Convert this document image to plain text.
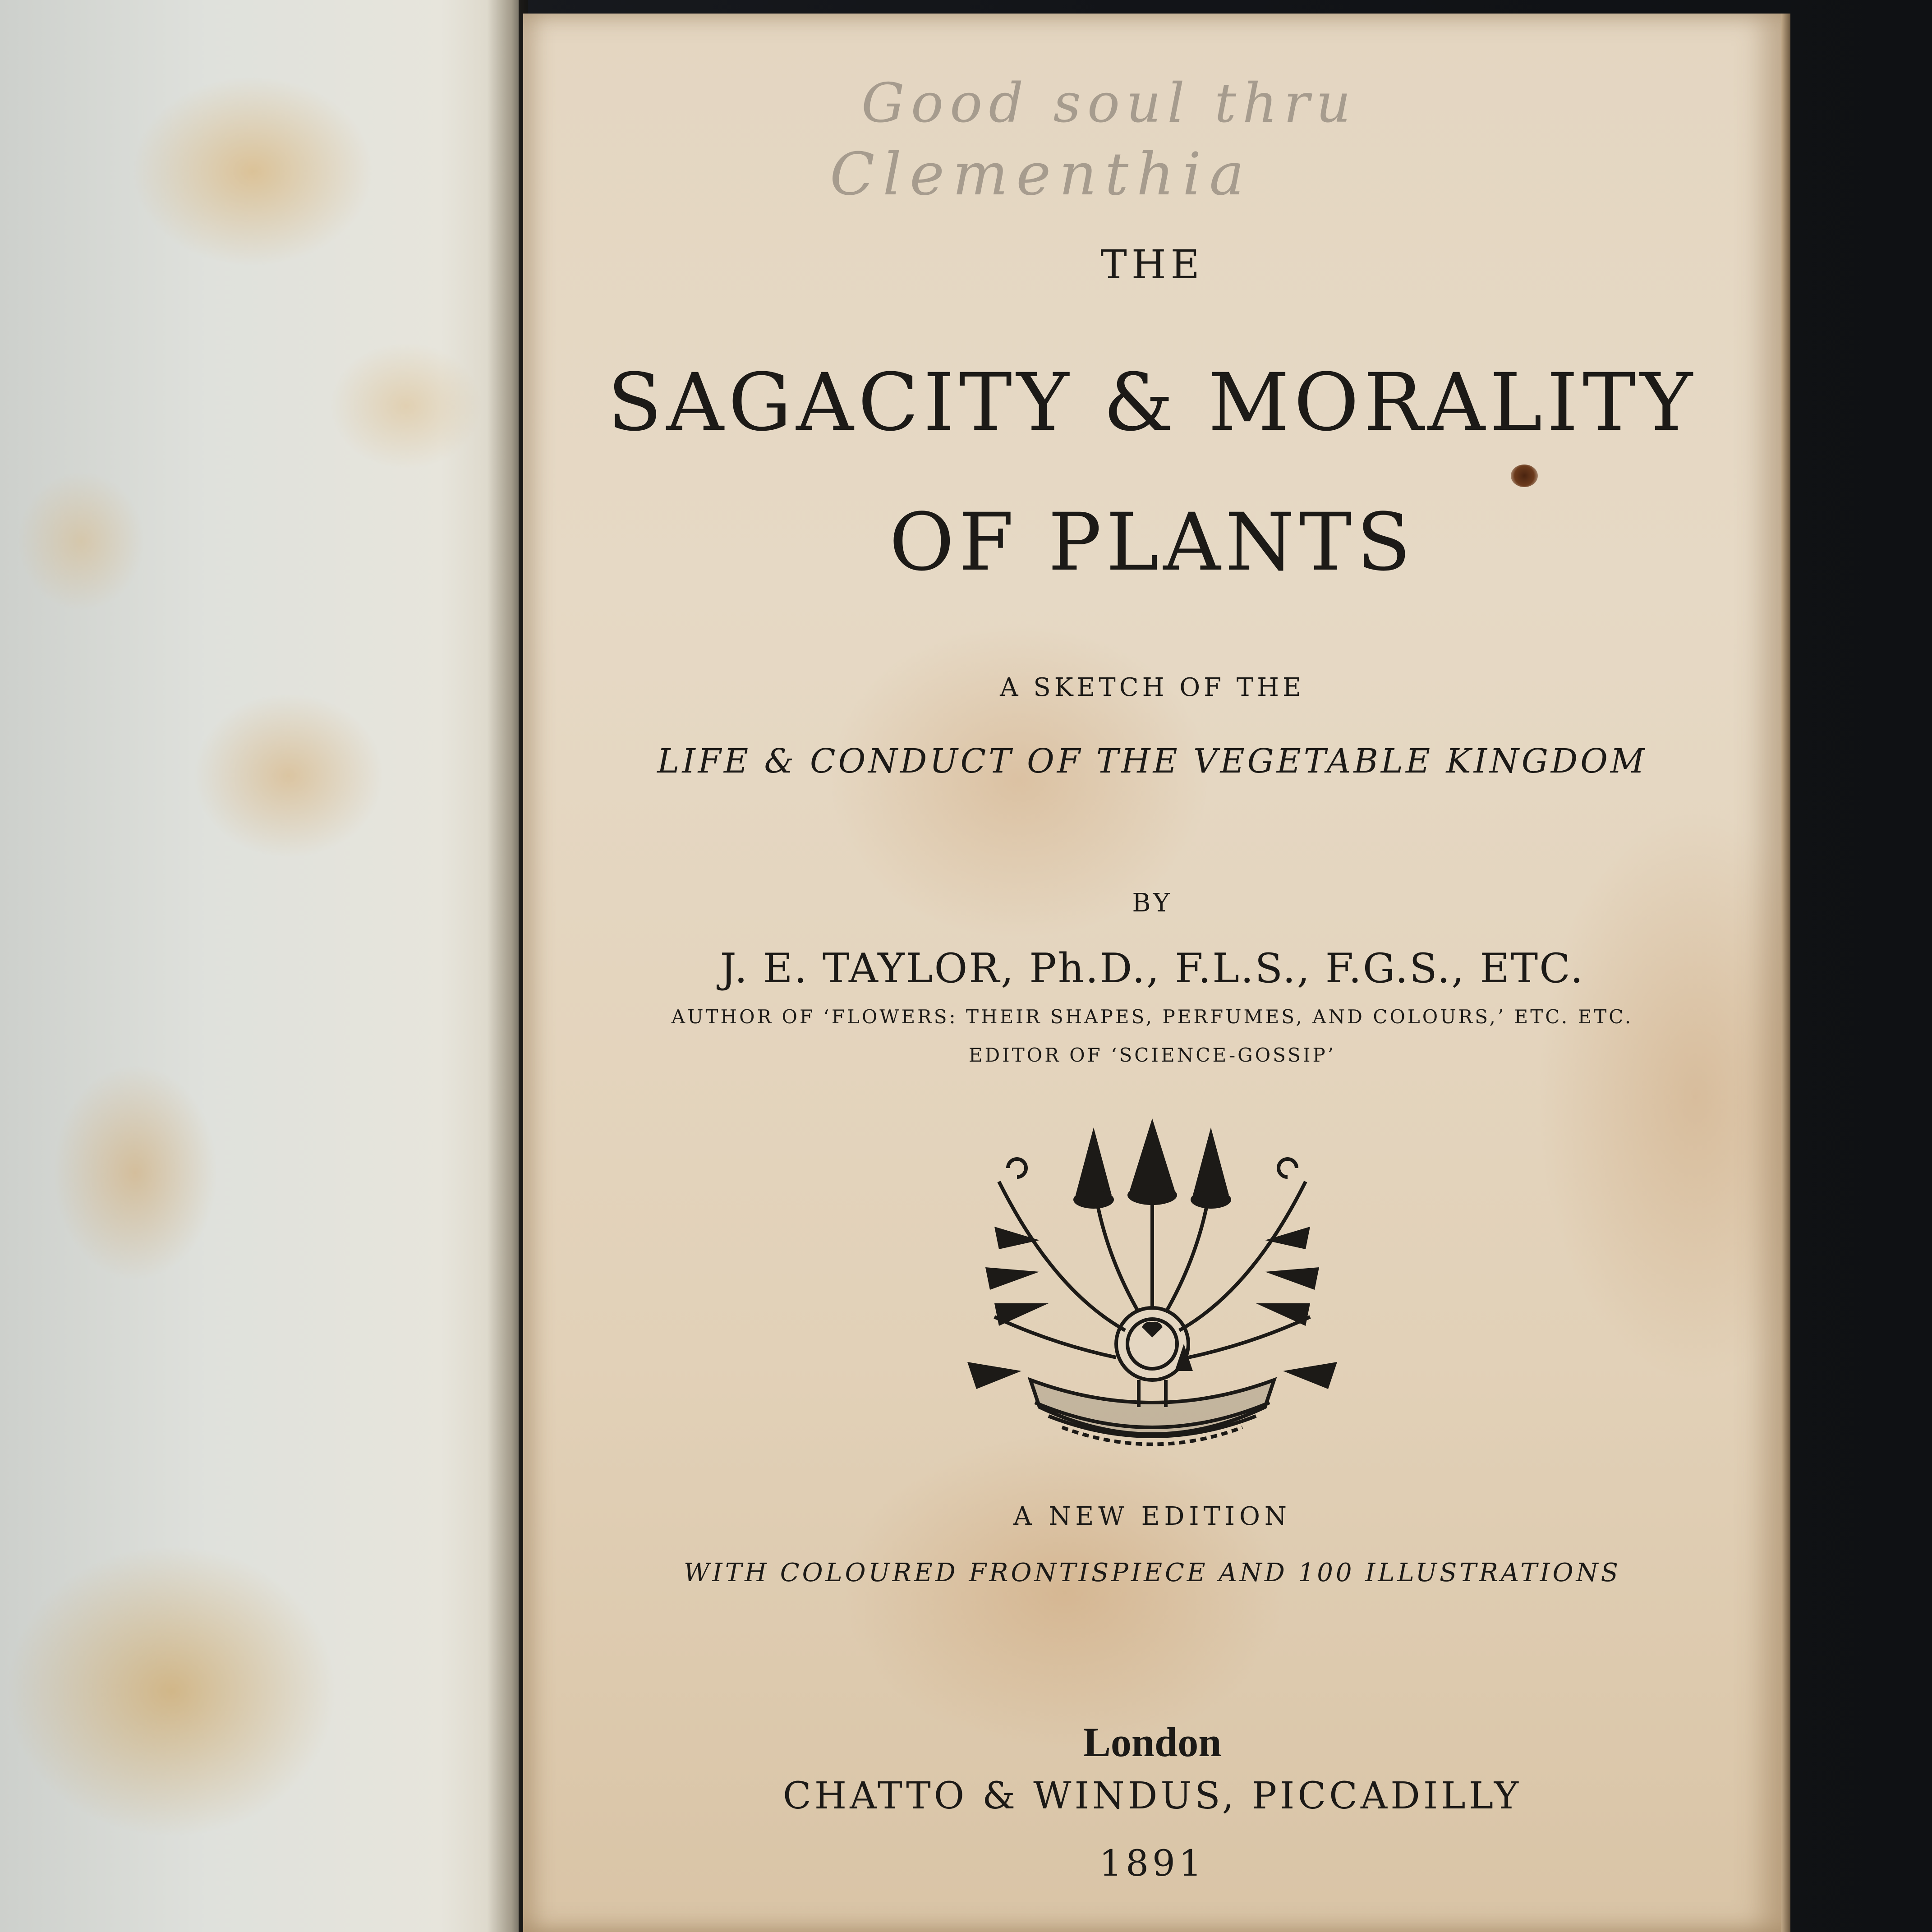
Good soul thru
Clementhia
THE
SAGACITY & MORALITY
OF PLANTS
A SKETCH OF THE
LIFE & CONDUCT OF THE VEGETABLE KINGDOM
BY
J. E. TAYLOR, Ph.D., F.L.S., F.G.S., ETC.
AUTHOR OF ‘FLOWERS: THEIR SHAPES, PERFUMES, AND COLOURS,’ ETC. ETC.
EDITOR OF ‘SCIENCE-GOSSIP’
A NEW EDITION
WITH COLOURED FRONTISPIECE AND 100 ILLUSTRATIONS
London
CHATTO & WINDUS, PICCADILLY
1891
